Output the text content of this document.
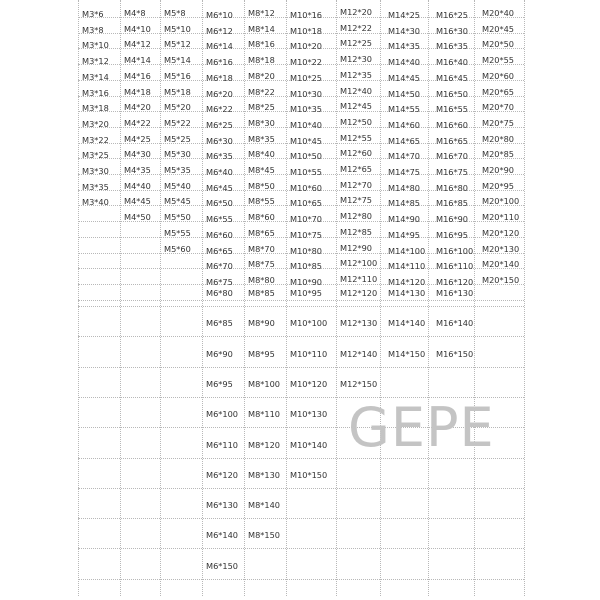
M3*6
M3*8
M3*10
M3*12
M3*14
M3*16
M3*18
M3*20
M3*22
M3*25
M3*30
M3*35
M3*40
M4*8
M4*10
M4*12
M4*14
M4*16
M4*18
M4*20
M4*22
M4*25
M4*30
M4*35
M4*40
M4*45
M4*50
M5*8
M5*10
M5*12
M5*14
M5*16
M5*18
M5*20
M5*22
M5*25
M5*30
M5*35
M5*40
M5*45
M5*50
M5*55
M5*60
M6*10
M6*12
M6*14
M6*16
M6*18
M6*20
M6*22
M6*25
M6*30
M6*35
M6*40
M6*45
M6*50
M6*55
M6*60
M6*65
M6*70
M6*75
M6*80
M6*85
M6*90
M6*95
M6*100
M6*110
M6*120
M6*130
M6*140
M6*150
M8*12
M8*14
M8*16
M8*18
M8*20
M8*22
M8*25
M8*30
M8*35
M8*40
M8*45
M8*50
M8*55
M8*60
M8*65
M8*70
M8*75
M8*80
M8*85
M8*90
M8*95
M8*100
M8*110
M8*120
M8*130
M8*140
M8*150
M10*16
M10*18
M10*20
M10*22
M10*25
M10*30
M10*35
M10*40
M10*45
M10*50
M10*55
M10*60
M10*65
M10*70
M10*75
M10*80
M10*85
M10*90
M10*95
M10*100
M10*110
M10*120
M10*130
M10*140
M10*150
M12*20
M12*22
M12*25
M12*30
M12*35
M12*40
M12*45
M12*50
M12*55
M12*60
M12*65
M12*70
M12*75
M12*80
M12*85
M12*90
M12*100
M12*110
M12*120
M12*130
M12*140
M12*150
M14*25
M14*30
M14*35
M14*40
M14*45
M14*50
M14*55
M14*60
M14*65
M14*70
M14*75
M14*80
M14*85
M14*90
M14*95
M14*100
M14*110
M14*120
M14*130
M14*140
M14*150
M16*25
M16*30
M16*35
M16*40
M16*45
M16*50
M16*55
M16*60
M16*65
M16*70
M16*75
M16*80
M16*85
M16*90
M16*95
M16*100
M16*110
M16*120
M16*130
M16*140
M16*150
M20*40
M20*45
M20*50
M20*55
M20*60
M20*65
M20*70
M20*75
M20*80
M20*85
M20*90
M20*95
M20*100
M20*110
M20*120
M20*130
M20*140
M20*150
GEPE
